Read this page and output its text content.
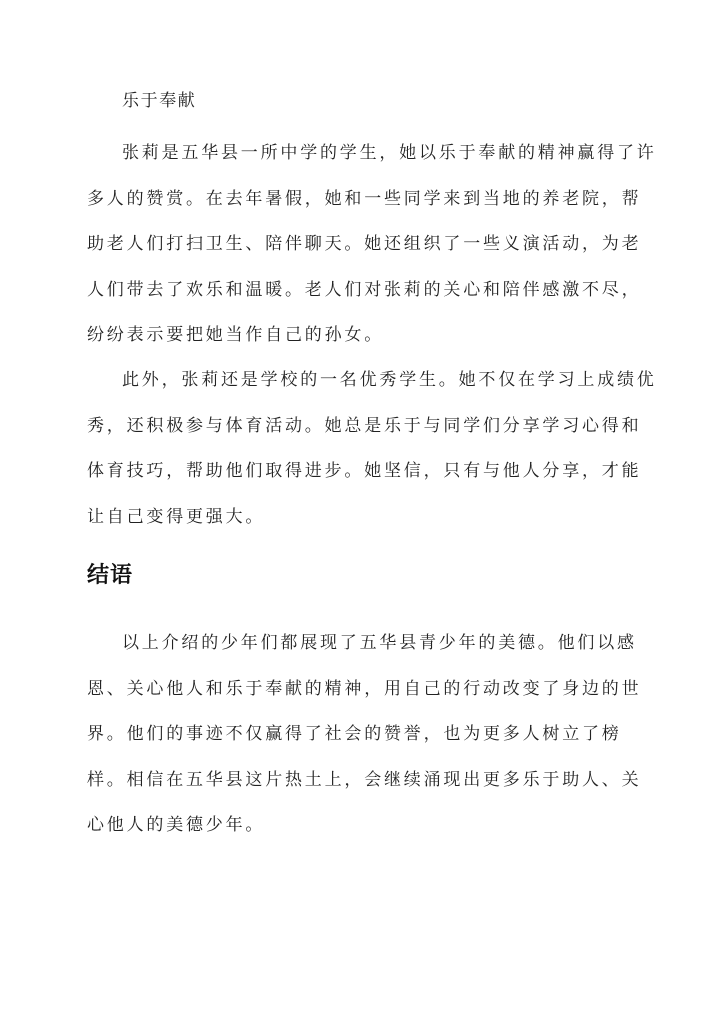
乐于奉献

张莉是五华县一所中学的学生，她以乐于奉献的精神赢得了许多人的赞赏。在去年暑假，她和一些同学来到当地的养老院，帮助老人们打扫卫生、陪伴聊天。她还组织了一些义演活动，为老人们带去了欢乐和温暖。老人们对张莉的关心和陪伴感激不尽，纷纷表示要把她当作自己的孙女。

此外，张莉还是学校的一名优秀学生。她不仅在学习上成绩优秀，还积极参与体育活动。她总是乐于与同学们分享学习心得和体育技巧，帮助他们取得进步。她坚信，只有与他人分享，才能让自己变得更强大。

结语

以上介绍的少年们都展现了五华县青少年的美德。他们以感恩、关心他人和乐于奉献的精神，用自己的行动改变了身边的世界。他们的事迹不仅赢得了社会的赞誉，也为更多人树立了榜样。相信在五华县这片热土上，会继续涌现出更多乐于助人、关心他人的美德少年。
